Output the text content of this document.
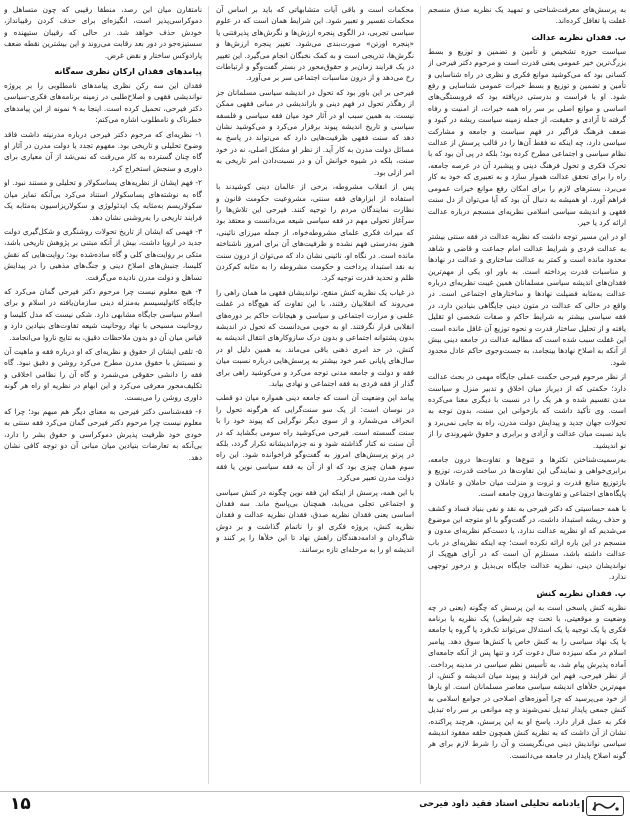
به پرسش‌های معرفت‌شناختی و تمهید یک نظریه صدق منسجم غفلت یا تغافل کرده‌اند.

ب. فقدان نظریه عدالت

سیاست حوزه تشخیص و تأمین و تضمین و توزیع و بسط بزرگ‌ترین خیر عمومی یعنی قدرت است و مرحوم دکتر فیرحی از کسانی بود که می‌کوشید موانع فکری و نظری در راه شناسایی و تأمین و تضمین و توزیع و بسط خیرات عمومی شناسایی و رفع شود. او با فراست و بدرستی دریافته بود که فروبستگی‌های اساسی و موانع اصلی بر سر راه همه خیرات، از امنیت و رفاه گرفته تا آزادی و حقیقت، از جمله زمینه سیاست ریشه در کبود و ضعف فرهنگ فراگیر در فهم سیاست و جامعه و مشارکت سیاسی دارد، چه اینکه نه فقط آن‌ها را در قالب پرسش از عدالت نظام سیاسی و اجتماعی مطرح کرده بود؛ بلکه در پی آن بود که با تحرک فکری و تحول فرهنگ دینی و پیشبرد آن در عرصه جامعه، راه را برای تحقق عدالت هموار سازد و به تعبیری که خود به کار می‌برد، بسترهای لازم را برای امکان رفع موانع خیرات عمومی فراهم آورد. او همیشه به دنبال آن بود که آیا می‌توان از دل سنت فقهی و اندیشه سیاسی اسلامی نظریه‌ای منسجم درباره عدالت ارائه کرد یا خیر.

او در این مسیر توجه داشت که نظریه عدالت در فقه سنتی بیشتر به عدالت فردی و شرایط عدالت امام جماعت و قاضی و شاهد محدود مانده است و کمتر به عدالت ساختاری و عدالت در نهادها و مناسبات قدرت پرداخته است. به باور او، یکی از مهم‌ترین فقدان‌های اندیشه سیاسی مسلمانان همین غیبت نظریه‌ای درباره عدالت به‌مثابه فضیلت نهادها و ساختارهای اجتماعی است. در واقع در حالی که عدالت در متون دینی جایگاهی بنیادین دارد، در فقه سیاسی بیشتر به شرایط حاکم و صفات شخصی او تقلیل یافته و از تحلیل ساختار قدرت و نحوه توزیع آن غافل مانده است. این غفلت سبب شده است که مطالبه عدالت در جامعه دینی بیش از آنکه به اصلاح نهادها بینجامد، به جست‌وجوی حاکم عادل محدود شود.

از نظر مرحوم فیرحی حکمت عملی جایگاه مهمی در بحث عدالت دارد؛ حکمتی که از دیرباز میان اخلاق و تدبیر منزل و سیاست مدن تقسیم شده و هر یک را در نسبت با دیگری معنا می‌کرده است. وی تأکید داشت که بازخوانی این سنت، بدون توجه به تحولات جهان جدید و پیدایش دولت مدرن، راه به جایی نمی‌برد و باید نسبت میان عدالت و آزادی و برابری و حقوق شهروندی را از نو اندیشید.

به‌رسمیت‌شناختن تکثرها و تنوع‌ها و تفاوت‌ها درون جامعه، برابری‌خواهی و نمایندگی این تفاوت‌ها در ساخت قدرت، توزیع و بازتوزیع منابع قدرت و ثروت و منزلت میان حاملان و عاملان و پایگاه‌های اجتماعی و تفاوت‌ها درون جامعه است.

با همه حساسیتی که دکتر فیرحی به نقد و نفی بنیاد فساد و کشف و حذف ریشه استبداد داشت، در گفت‌وگو با او متوجه این موضوع می‌شدیم که او نظریه عدالت ندارد، یا دست‌کم نظریه‌ای مدون و منسجم در این باره ارائه نکرده است؛ چه اینکه نظریه‌ای در باب عدالت داشته باشد، مستلزم آن است که در آرای هیچ‌یک از نواندیشان دینی، نظریه عدالت جایگاه بی‌بدیل و درخور توجهی ندارد.

پ. فقدان نظریه کنش

نظریه کنش پاسخی است به این پرسش که چگونه (یعنی در چه وضعیت و موقعیتی، با تحت چه شرایطی) یک نظریه یا برنامه فکری یا یک توجیه یا یک استدلال می‌تواند تک‌فرد یا گروه یا جامعه یا یک نهاد سیاسی را به کنش خاص یا کنش‌ها سوق دهد. پیامبر اسلام در مکه سیزده سال دعوت کرد و تنها پس از آنکه جامعه‌ای آماده پذیرش پیام شد، به تأسیس نظم سیاسی در مدینه پرداخت. از نظر فیرحی، فهم این فرایند و پیوند میان اندیشه و کنش، از مهم‌ترین خلأهای اندیشه سیاسی معاصر مسلمانان است. او بارها از خود می‌پرسید که چرا آموزه‌های اصلاحی در جوامع اسلامی به کنش جمعی پایدار تبدیل نمی‌شوند و چه موانعی بر سر راه تبدیل فکر به عمل قرار دارد. پاسخ او به این پرسش، هرچند پراکنده، نشان از آن داشت که به نظریه کنش همچون حلقه مفقود اندیشه سیاسی نواندیش دینی می‌نگریست و آن را شرط لازم برای هر گونه اصلاح پایدار در جامعه می‌دانست.

محکمات است و باقی آیات متشابهاتی که باید بر اساس آن محکمات تفسیر و تعبیر شود. این شرایط همان است که در علوم سیاسی تجربی، در الگوی پنجره ارزش‌ها و نگرش‌های پذیرفتنی یا «پنجره اورتن» صورت‌بندی می‌شود. تغییر پنجره ارزش‌ها و نگرش‌ها، تدریجی است و به کمک نخبگان انجام می‌گیرد. این تغییر در یک فرایند زمان‌بر و حقوق‌محور در بستر گفت‌وگو و ارتباطات رخ می‌دهد و از درون مناسبات اجتماعی سر بر می‌آورد.

فیرحی بر این باور بود که تحول در اندیشه سیاسی مسلمانان جز از رهگذر تحول در فهم دینی و بازاندیشی در مبانی فقهی ممکن نیست. به همین سبب او در آثار خود میان فقه سیاسی و فلسفه سیاسی و تاریخ اندیشه پیوند برقرار می‌کرد و می‌کوشید نشان دهد که سنت فقهی ظرفیت‌هایی دارد که می‌تواند در پاسخ به مسائل دولت مدرن به کار آید. از نظر او مشکل اصلی، نه در خود سنت، بلکه در شیوه خوانش آن و در نسبت‌دادن امر تاریخی به امر ازلی بود.

پس از انقلاب مشروطه، برخی از عالمان دینی کوشیدند با استفاده از ابزارهای فقه سنتی، مشروعیت حکومت قانون و نظارت نمایندگان مردم را توجیه کنند. فیرحی این تلاش‌ها را سرآغاز تحولی مهم در فقه سیاسی شیعه می‌دانست و معتقد بود که میراث فکری علمای مشروطه‌خواه، از جمله میرزای نائینی، هنوز به‌درستی فهم نشده و ظرفیت‌های آن برای امروز ناشناخته مانده است. در نگاه او، نائینی نشان داد که می‌توان از درون سنت به نقد استبداد پرداخت و حکومت مشروطه را به مثابه کم‌کردن ظلم و تحدید قدرت توجیه کرد.

در غیاب یک نظریه کنش منقح، نواندیشان فقهی ما همان راهی را می‌روند که انقلابیان رفتند، با این تفاوت که هیچ‌گاه در غفلت علمی و مرارت اجتماعی و سیاسی و هیجانات حاکم بر دوره‌های انقلابی قرار نگرفتند. او به خوبی می‌دانست که تحول در اندیشه بدون پشتوانه اجتماعی و بدون درک سازوکارهای انتقال اندیشه به کنش، در حد امری ذهنی باقی می‌ماند. به همین دلیل او در سال‌های پایانی عمر خود بیشتر به پرسش‌هایی درباره نسبت میان فقه و دولت و جامعه مدنی توجه می‌کرد و می‌کوشید راهی برای گذار از فقه فردی به فقه اجتماعی و نهادی بیابد.

پیامد این وضعیت آن است که جامعه دینی همواره میان دو قطب در نوسان است: از یک سو سنت‌گرایی که هرگونه تحول را انحراف می‌شمارد و از سوی دیگر نوگرایی که پیوند خود را با سنت گسسته است. فیرحی می‌کوشید راه سومی بگشاید که در آن سنت نه کنار گذاشته شود و نه جزم‌اندیشانه تکرار گردد، بلکه در پرتو پرسش‌های امروز به گفت‌وگو فراخوانده شود. این راه سوم همان چیزی بود که او از آن به فقه سیاسی نوین یا فقه دولت مدرن تعبیر می‌کرد.

با این همه، پرسش از اینکه این فقه نوین چگونه در کنش سیاسی و اجتماعی تجلی می‌یابد، همچنان بی‌پاسخ ماند. سه فقدان اساسی یعنی فقدان نظریه صدق، فقدان نظریه عدالت و فقدان نظریه کنش، پروژه فکری او را ناتمام گذاشت و بر دوش شاگردان و ادامه‌دهندگان راهش نهاد تا این خلأها را پر کنند و اندیشه او را به مرحله‌ای تازه برسانند.

نامتقارن میان این رصد، منطقا رقیبی که چون متساهل و دموکراسی‌پذیر است، انگیزه‌ای برای حذف کردن رقیبانداز، خودش حذف خواهد شد. در حالی که رقیبان ستیهنده و سستیزه‌جو در دور بعد رقابت می‌روند و این بیشترین نقطه ضعف پارادوکس ساختار و نقض غرض.

پیامدهای فقدان ارکان نظری سه‌گانه

فقدان این سه رکن نظری پیامدهای نامطلوبی را بر پروژه نواندیشی فقهی و اصلاح‌طلبی در زمینه برنامه‌های فکری-سیاسی دکتر فیرحی، تحمیل کرده است. اینجا به ۹ نمونه از این پیامدهای خطرناک و نامطلوب اشاره می‌کنم:

۱- نظریه‌ای که مرحوم دکتر فیرحی درباره مدرنیته داشت فاقد وضوح تحلیلی و تاریخی بود. مفهوم تجدد یا دولت مدرن در آثار او گاه چنان گسترده به کار می‌رفت که نمی‌شد از آن معیاری برای داوری و سنجش استخراج کرد.

۲- فهم ایشان از نظریه‌های پساسکولار و تحلیلی و مستند نبود. او گاه به نوشته‌های پساسکولار استناد می‌کرد بی‌آنکه تمایز میان سکولاریسم به‌مثابه یک ایدئولوژی و سکولاریزاسیون به‌مثابه یک فرایند تاریخی را به‌روشنی نشان دهد.

۳- فهمی که ایشان از تاریخ تحولات روشنگری و شکل‌گیری دولت جدید در اروپا داشت، بیش از آنکه مبتنی بر پژوهش تاریخی باشد، متکی بر روایت‌های کلی و گاه ساده‌شده بود؛ روایت‌هایی که نقش کلیسا، جنبش‌های اصلاح دینی و جنگ‌های مذهبی را در پیدایش تساهل و دولت مدرن نادیده می‌گرفت.

۴- هیچ معلوم نیست چرا مرحوم دکتر فیرحی گمان می‌کرد که جایگاه کاتولیسیسم به‌منزله دینی سازمان‌یافته در اسلام و برای اسلام سیاسی جایگاه مشابهی دارد. شکی نیست که مدل کلیسا و روحانیت مسیحی با نهاد روحانیت شیعه تفاوت‌های بنیادین دارد و قیاس میان آن دو بدون ملاحظات دقیق، به نتایج ناروا می‌انجامد.

۵- تلقی ایشان از حقوق و نظریه‌ای که او درباره فقه و ماهیت آن و نسبتش با حقوق مدرن مطرح می‌کرد روشن و دقیق نبود. گاه فقه را دانشی حقوقی می‌شمرد و گاه آن را نظامی اخلاقی و تکلیف‌محور معرفی می‌کرد و این ابهام در نظریه او راه هر گونه داوری روشن را می‌بست.

۶- فقه‌شناسی دکتر فیرحی به معنای دیگر هم مبهم بود؛ چرا که معلوم نیست چرا مرحوم دکتر فیرحی گمان می‌کرد فقه سنتی به خودی خود ظرفیت پذیرش دموکراسی و حقوق بشر را دارد، بی‌آنکه به تعارضات بنیادین میان مبانی آن دو توجه کافی نشان دهد.

یادنامه تحلیلی استاد فقید داود فیرحی
۱۵
